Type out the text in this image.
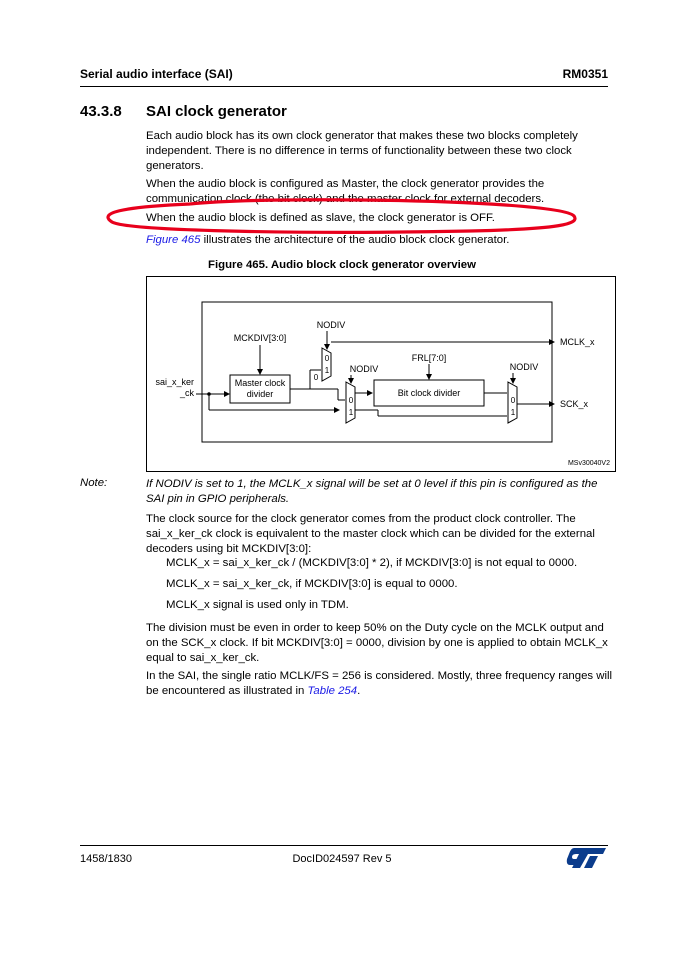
Serial audio interface (SAI)	RM0351
43.3.8 SAI clock generator
Each audio block has its own clock generator that makes these two blocks completely independent. There is no difference in terms of functionality between these two clock generators.
When the audio block is configured as Master, the clock generator provides the communication clock (the bit clock) and the master clock for external decoders.
When the audio block is defined as slave, the clock generator is OFF.
Figure 465 illustrates the architecture of the audio block clock generator.
Figure 465. Audio block clock generator overview
sai_x_ker
_ck
Master clock
divider
MCKDIV[3:0]
0
1
NODIV
0
MCLK_x
0
1
NODIV
Bit clock divider
FRL[7:0]
0
1
NODIV
SCK_x
MSv30040V2
Note:	If NODIV is set to 1, the MCLK_x signal will be set at 0 level if this pin is configured as the SAI pin in GPIO peripherals.
The clock source for the clock generator comes from the product clock controller. The sai_x_ker_ck clock is equivalent to the master clock which can be divided for the external decoders using bit MCKDIV[3:0]:
MCLK_x = sai_x_ker_ck / (MCKDIV[3:0] * 2), if MCKDIV[3:0] is not equal to 0000.
MCLK_x = sai_x_ker_ck, if MCKDIV[3:0] is equal to 0000.
MCLK_x signal is used only in TDM.
The division must be even in order to keep 50% on the Duty cycle on the MCLK output and on the SCK_x clock. If bit MCKDIV[3:0] = 0000, division by one is applied to obtain MCLK_x equal to sai_x_ker_ck.
In the SAI, the single ratio MCLK/FS = 256 is considered. Mostly, three frequency ranges will be encountered as illustrated in Table 254.
1458/1830	DocID024597 Rev 5
